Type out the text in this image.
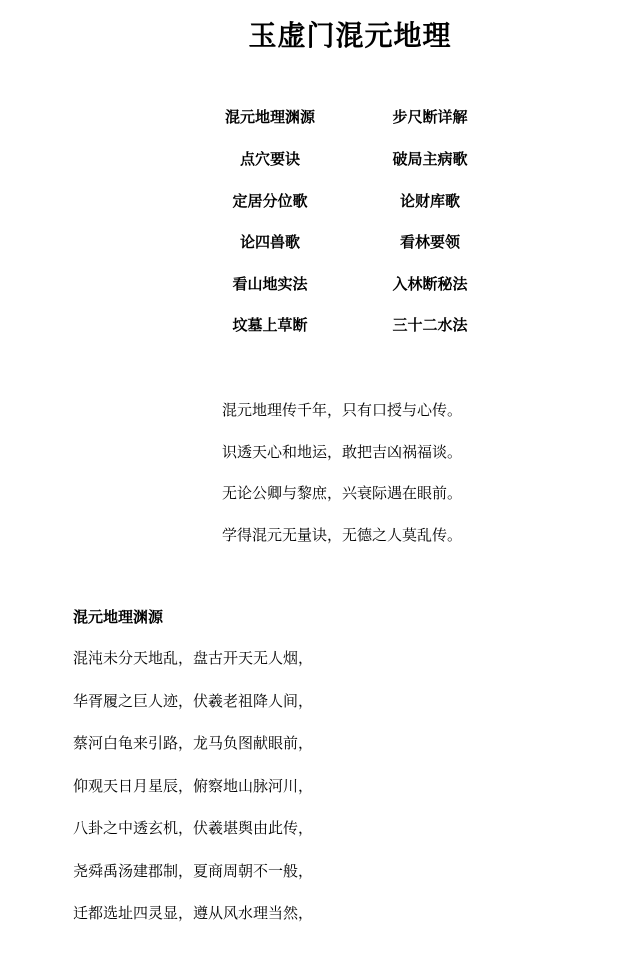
玉虚门混元地理
混元地理渊源	步尺断详解
点穴要诀	破局主病歌
定居分位歌	论财库歌
论四兽歌	看林要领
看山地实法	入林断秘法
坟墓上草断	三十二水法
混元地理传千年，只有口授与心传。
识透天心和地运，敢把吉凶祸福谈。
无论公卿与黎庶，兴衰际遇在眼前。
学得混元无量诀，无德之人莫乱传。
混元地理渊源
混沌未分天地乱，盘古开天无人烟，
华胥履之巨人迹，伏羲老祖降人间，
蔡河白龟来引路，龙马负图献眼前，
仰观天日月星辰，俯察地山脉河川，
八卦之中透玄机，伏羲堪舆由此传，
尧舜禹汤建郡制，夏商周朝不一般，
迁都选址四灵显，遵从风水理当然，
